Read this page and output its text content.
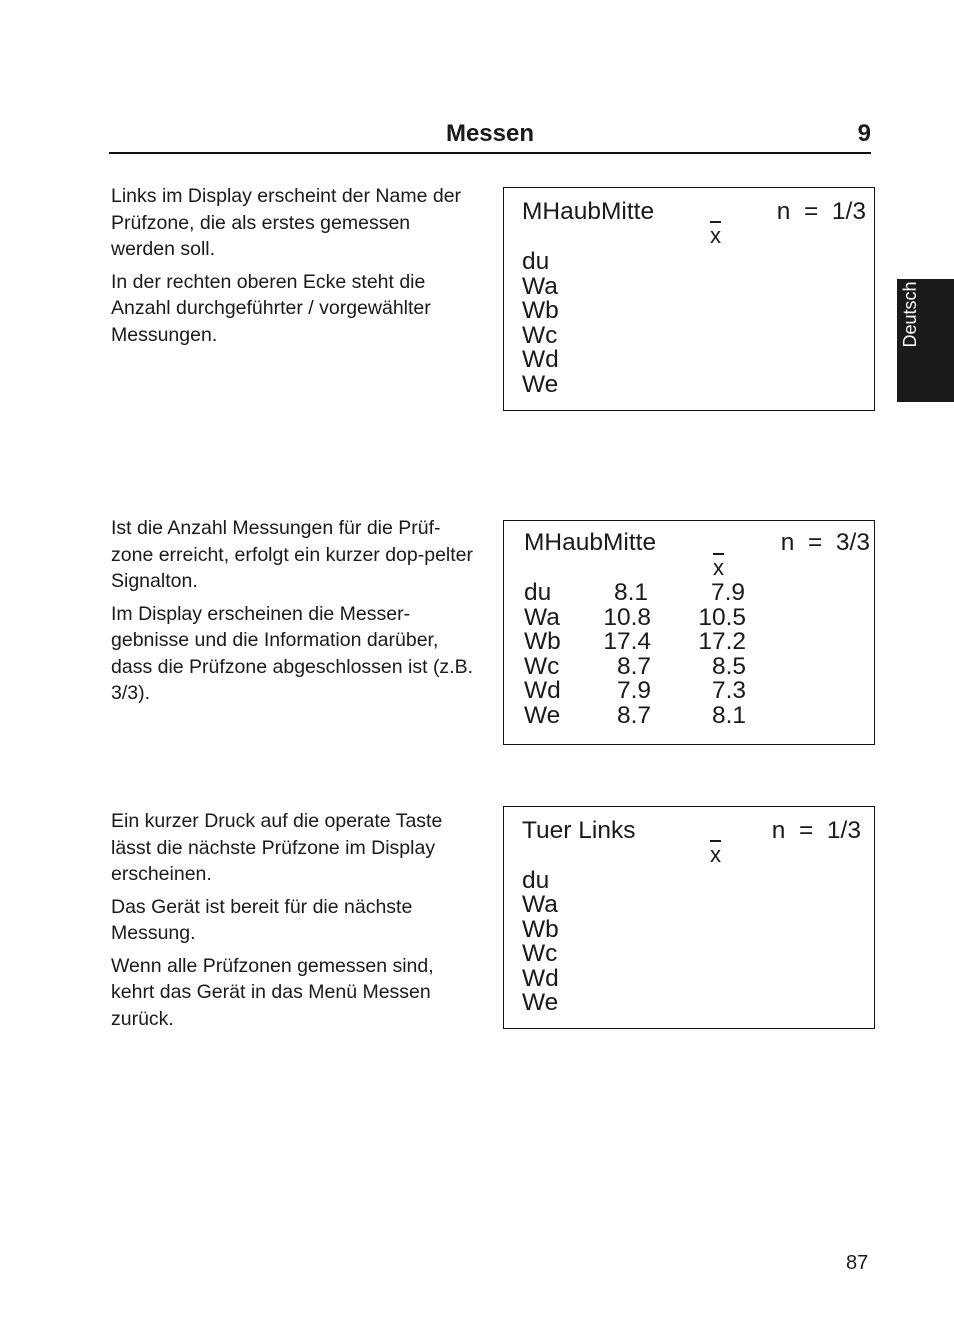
Messen	9
Deutsch

Links im Display erscheint der Name der Prüfzone, die als erstes gemessen werden soll.

In der rechten oberen Ecke steht die Anzahl durchgeführter / vorgewählter Messungen.

MHaubMitte	n  =  1/3
$\overline{x}$
du
Wa
Wb
Wc
Wd
We

Ist die Anzahl Messungen für die Prüf-zone erreicht, erfolgt ein kurzer dop-pelter Signalton.

Im Display erscheinen die Messer-gebnisse und die Information darüber, dass die Prüfzone abgeschlossen ist (z.B. 3/3).

MHaubMitte	n  =  3/3
$\overline{x}$
du	8.1	7.9
Wa	10.8	10.5
Wb	17.4	17.2
Wc	8.7	8.5
Wd	7.9	7.3
We	8.7	8.1

Ein kurzer Druck auf die operate Taste lässt die nächste Prüfzone im Display erscheinen.

Das Gerät ist bereit für die nächste Messung.

Wenn alle Prüfzonen gemessen sind, kehrt das Gerät in das Menü Messen zurück.

Tuer Links	n  =  1/3
$\overline{x}$
du
Wa
Wb
Wc
Wd
We
87
